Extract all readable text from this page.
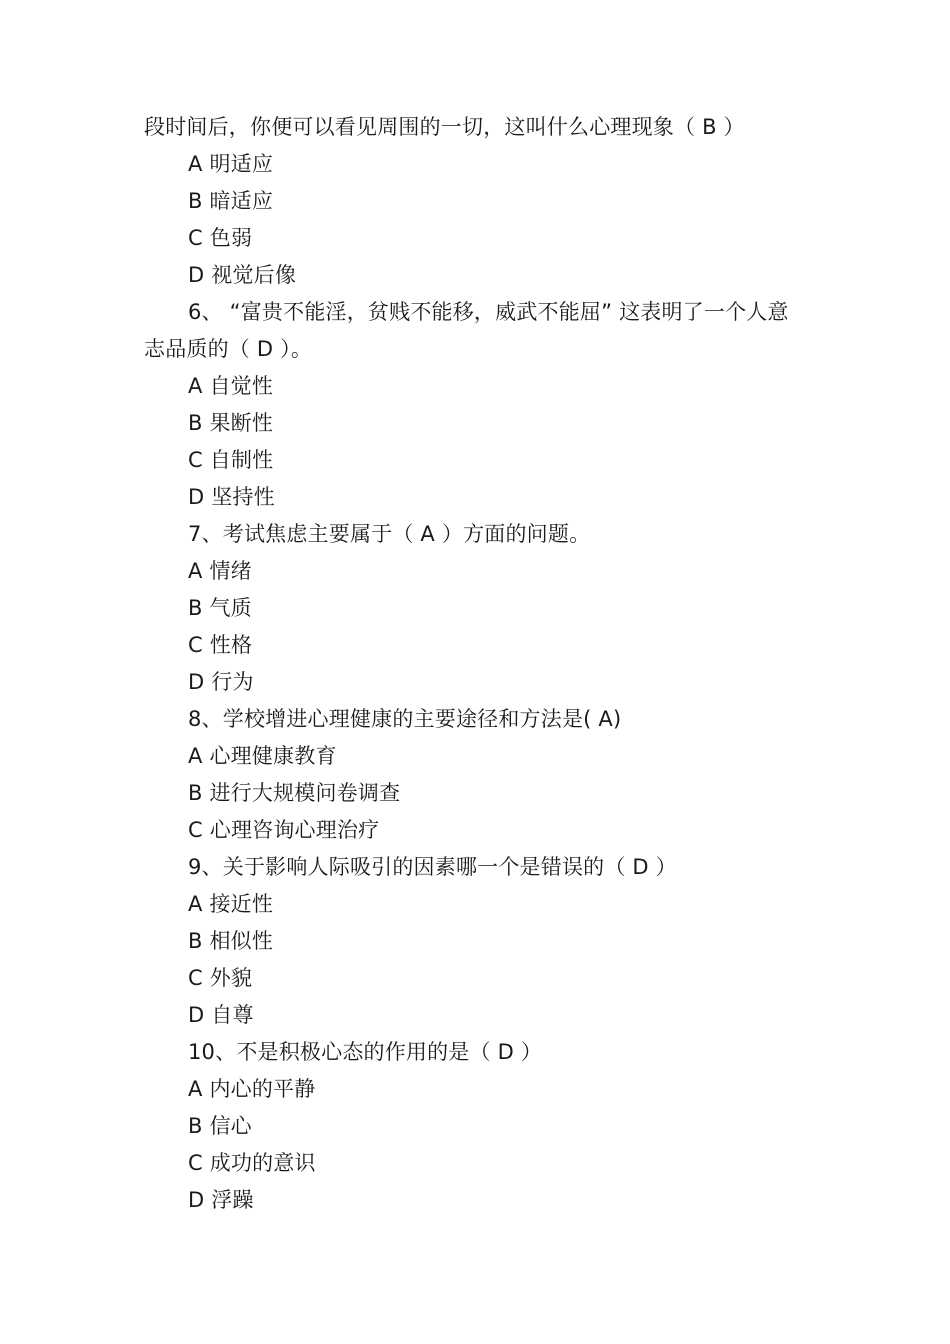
段时间后，你便可以看见周围的一切，这叫什么心理现象（ B ）
A 明适应
B 暗适应
C 色弱
D 视觉后像
6、 “富贵不能淫，贫贱不能移，威武不能屈” 这表明了一个人意
志品质的（ D ）。
A 自觉性
B 果断性
C 自制性
D 坚持性
7、考试焦虑主要属于（ A ）方面的问题。
A 情绪
B 气质
C 性格
D 行为
8、学校增进心理健康的主要途径和方法是( A)
A 心理健康教育
B 进行大规模问卷调查
C 心理咨询心理治疗
9、关于影响人际吸引的因素哪一个是错误的（ D ）
A 接近性
B 相似性
C 外貌
D 自尊
10、不是积极心态的作用的是（ D ）
A 内心的平静
B 信心
C 成功的意识
D 浮躁
